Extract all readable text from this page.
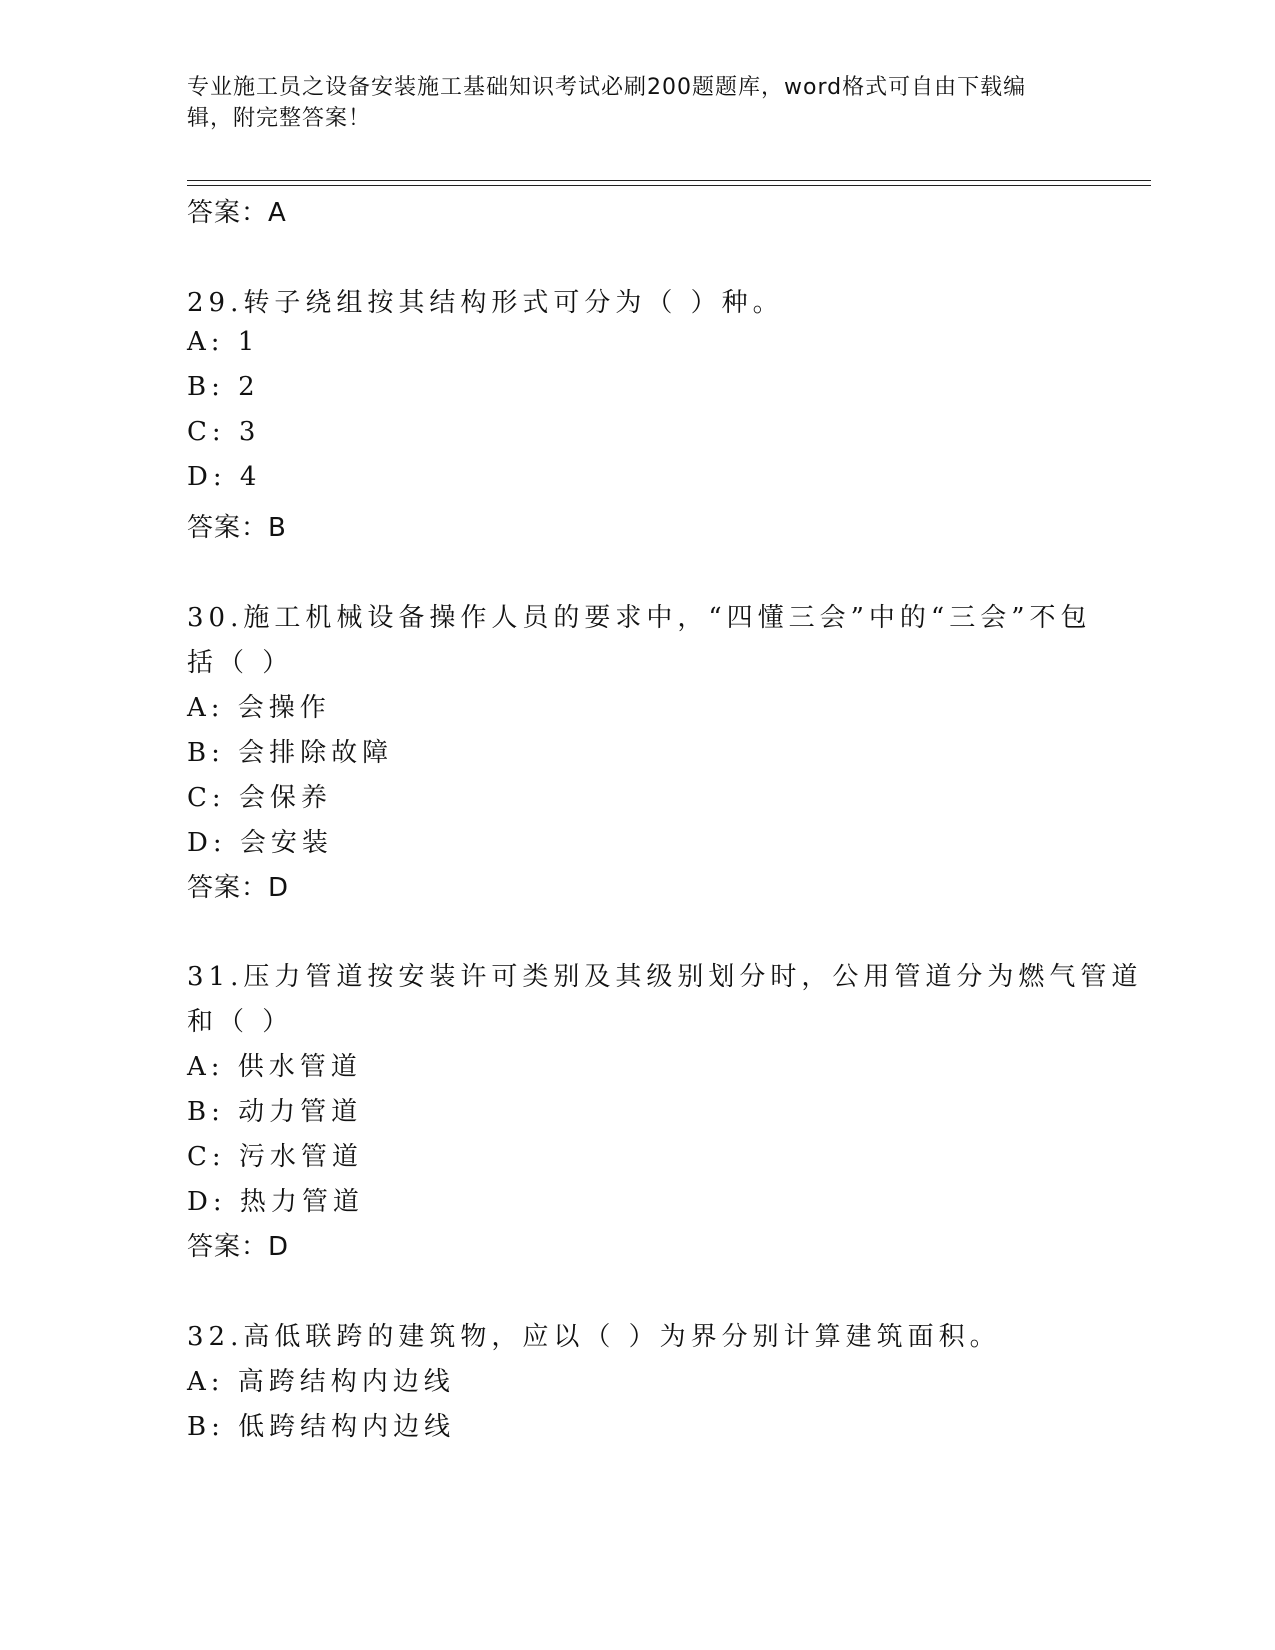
专业施工员之设备安装施工基础知识考试必刷200题题库，word格式可自由下载编辑，附完整答案！
答案：A
29.转子绕组按其结构形式可分为（ ）种。
A: 1
B: 2
C: 3
D: 4
答案：B
30.施工机械设备操作人员的要求中，“四懂三会”中的“三会”不包
括（ ）
A: 会操作
B: 会排除故障
C: 会保养
D: 会安装
答案：D
31.压力管道按安装许可类别及其级别划分时，公用管道分为燃气管道
和（ ）
A: 供水管道
B: 动力管道
C: 污水管道
D: 热力管道
答案：D
32.高低联跨的建筑物，应以（ ）为界分别计算建筑面积。
A: 高跨结构内边线
B: 低跨结构内边线
